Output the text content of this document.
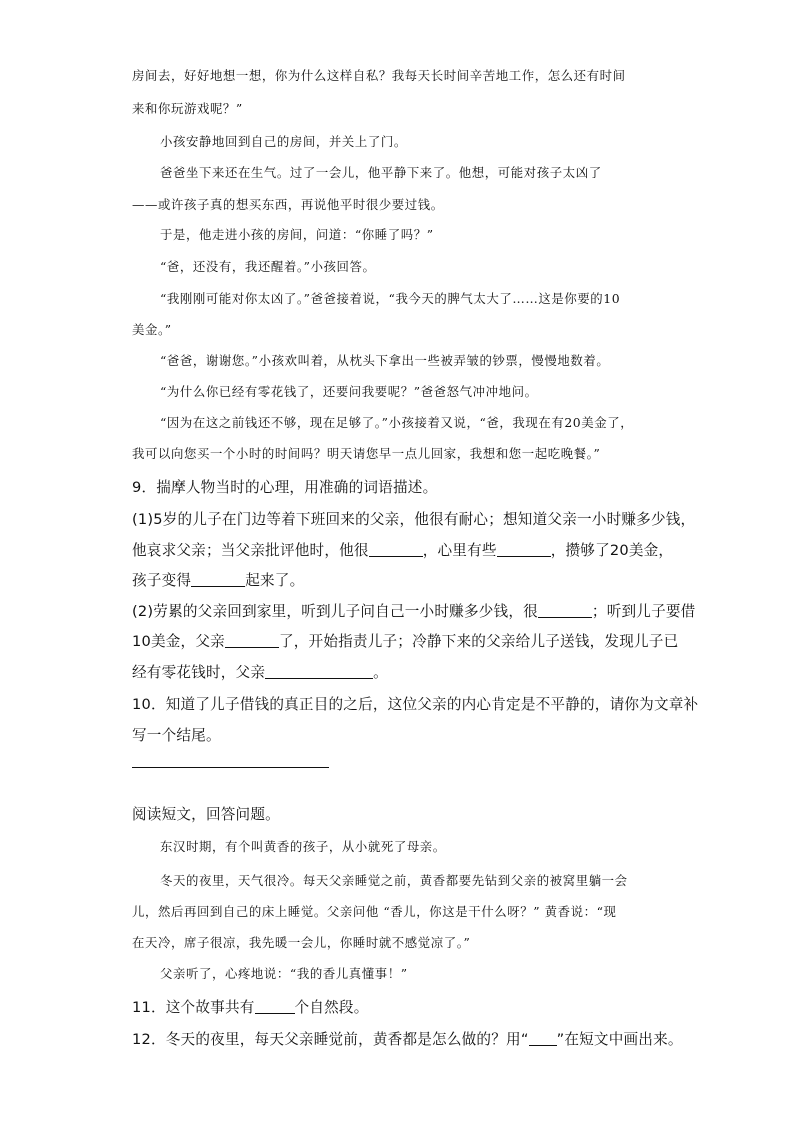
房间去，好好地想一想，你为什么这样自私？我每天长时间辛苦地工作，怎么还有时间
来和你玩游戏呢？”
小孩安静地回到自己的房间，并关上了门。
爸爸坐下来还在生气。过了一会儿，他平静下来了。他想，可能对孩子太凶了
——或许孩子真的想买东西，再说他平时很少要过钱。
于是，他走进小孩的房间，问道：“你睡了吗？”
“爸，还没有，我还醒着。”小孩回答。
“我刚刚可能对你太凶了。”爸爸接着说，“我今天的脾气太大了……这是你要的10
美金。”
“爸爸，谢谢您。”小孩欢叫着，从枕头下拿出一些被弄皱的钞票，慢慢地数着。
“为什么你已经有零花钱了，还要问我要呢？”爸爸怒气冲冲地问。
“因为在这之前钱还不够，现在足够了。”小孩接着又说，“爸，我现在有20美金了，
我可以向您买一个小时的时间吗？明天请您早一点儿回家，我想和您一起吃晚餐。”
9．揣摩人物当时的心理，用准确的词语描述。
(1)5岁的儿子在门边等着下班回来的父亲，他很有耐心；想知道父亲一小时赚多少钱，
他哀求父亲；当父亲批评他时，他很	，心里有些	，攒够了20美金，
孩子变得	起来了。
(2)劳累的父亲回到家里，听到儿子问自己一小时赚多少钱，很	；听到儿子要借
10美金，父亲	了，开始指责儿子；冷静下来的父亲给儿子送钱，发现儿子已
经有零花钱时，父亲	。
10．知道了儿子借钱的真正目的之后，这位父亲的内心肯定是不平静的，请你为文章补
写一个结尾。
阅读短文，回答问题。
东汉时期，有个叫黄香的孩子，从小就死了母亲。
冬天的夜里，天气很冷。每天父亲睡觉之前，黄香都要先钻到父亲的被窝里躺一会
儿，然后再回到自己的床上睡觉。父亲问他 “香儿，你这是干什么呀？” 黄香说：“现
在天冷，席子很凉，我先暖一会儿，你睡时就不感觉凉了。”
父亲听了，心疼地说：“我的香儿真懂事！”
11．这个故事共有	个自然段。
12．冬天的夜里，每天父亲睡觉前，黄香都是怎么做的？用“ ”在短文中画出来。
